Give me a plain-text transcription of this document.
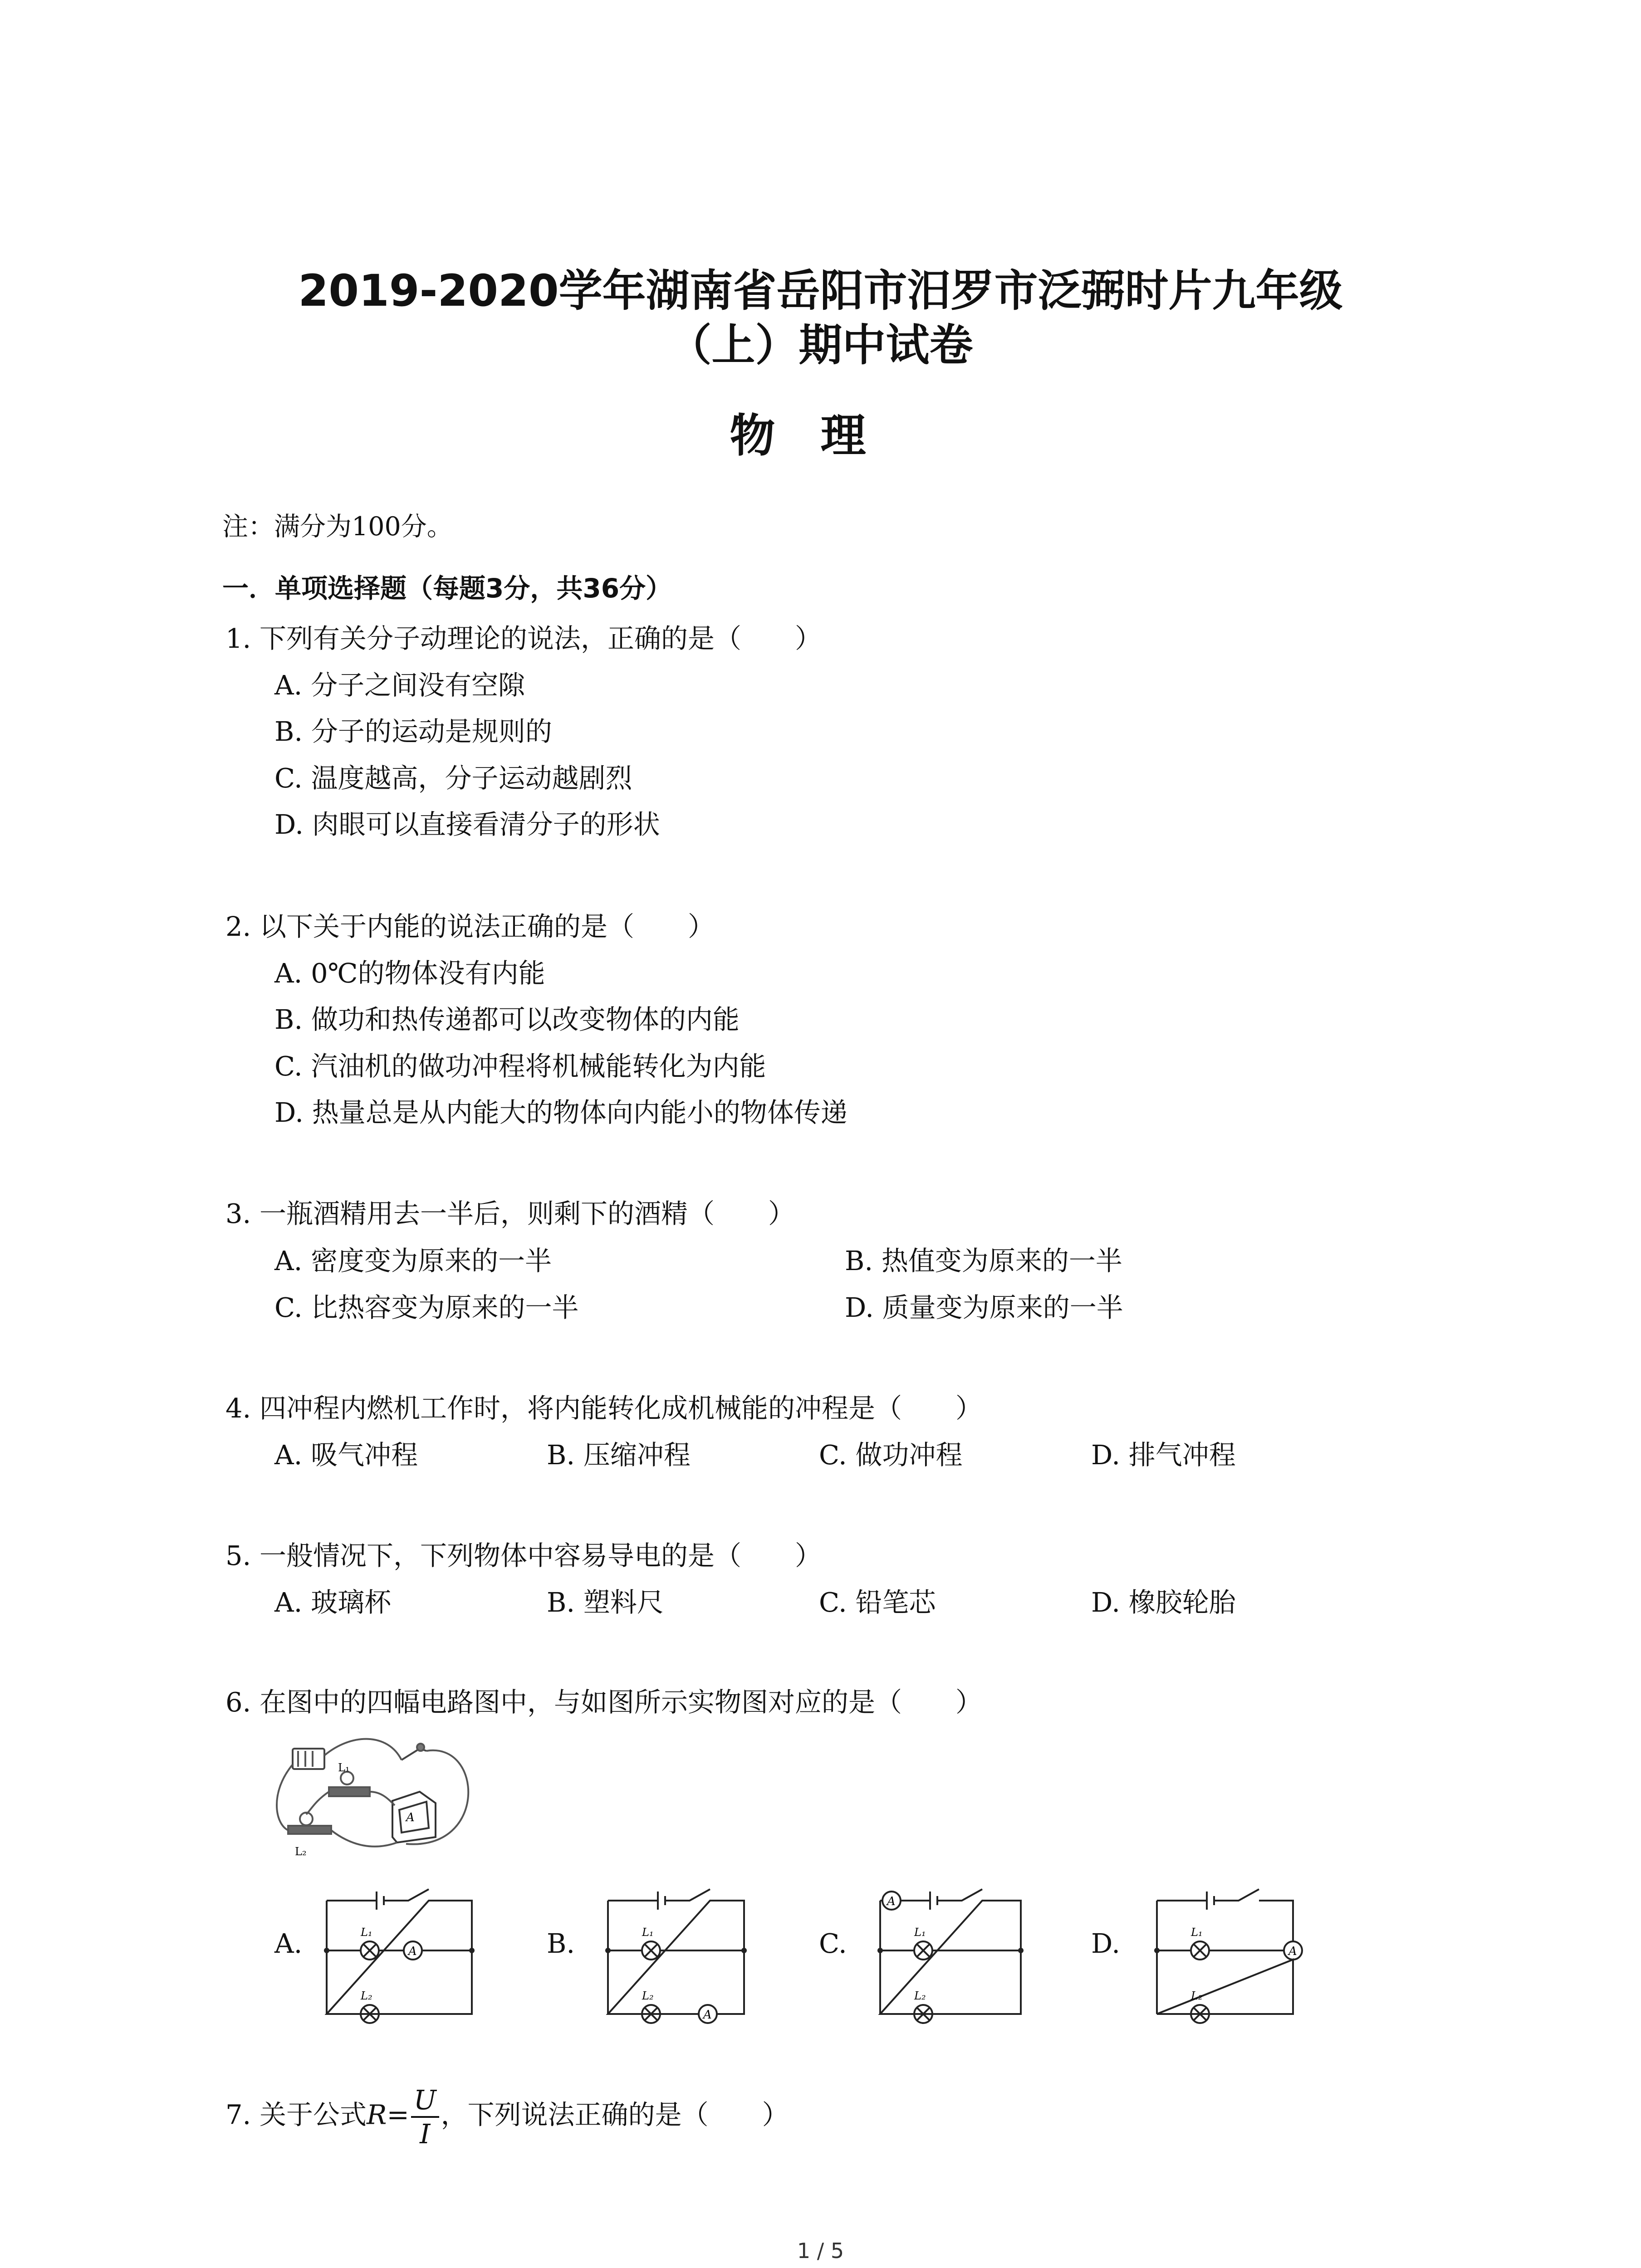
2019-2020学年湖南省岳阳市汨罗市泛弼时片九年级
（上）期中试卷
物理
注：满分为100分。
一．单项选择题（每题3分，共36分）
1. 下列有关分子动理论的说法，正确的是（　　）
A. 分子之间没有空隙
B. 分子的运动是规则的
C. 温度越高，分子运动越剧烈
D. 肉眼可以直接看清分子的形状
2. 以下关于内能的说法正确的是（　　）
A. 0℃的物体没有内能
B. 做功和热传递都可以改变物体的内能
C. 汽油机的做功冲程将机械能转化为内能
D. 热量总是从内能大的物体向内能小的物体传递
3. 一瓶酒精用去一半后，则剩下的酒精（　　）
A. 密度变为原来的一半	B. 热值变为原来的一半
C. 比热容变为原来的一半	D. 质量变为原来的一半
4. 四冲程内燃机工作时，将内能转化成机械能的冲程是（　　）
A. 吸气冲程	B. 压缩冲程	C. 做功冲程	D. 排气冲程
5. 一般情况下，下列物体中容易导电的是（　　）
A. 玻璃杯	B. 塑料尺	C. 铅笔芯	D. 橡胶轮胎
6. 在图中的四幅电路图中，与如图所示实物图对应的是（　　）
L₁
L₂
A
A.	B.	C.	D.
A
L₁
L₂
A
L₁
L₂
A
L₁
L₂
A
L₁
L₂
7. 关于公式$R= \frac{U}{I}$ ，下列说法正确的是（　　）
1 / 5
